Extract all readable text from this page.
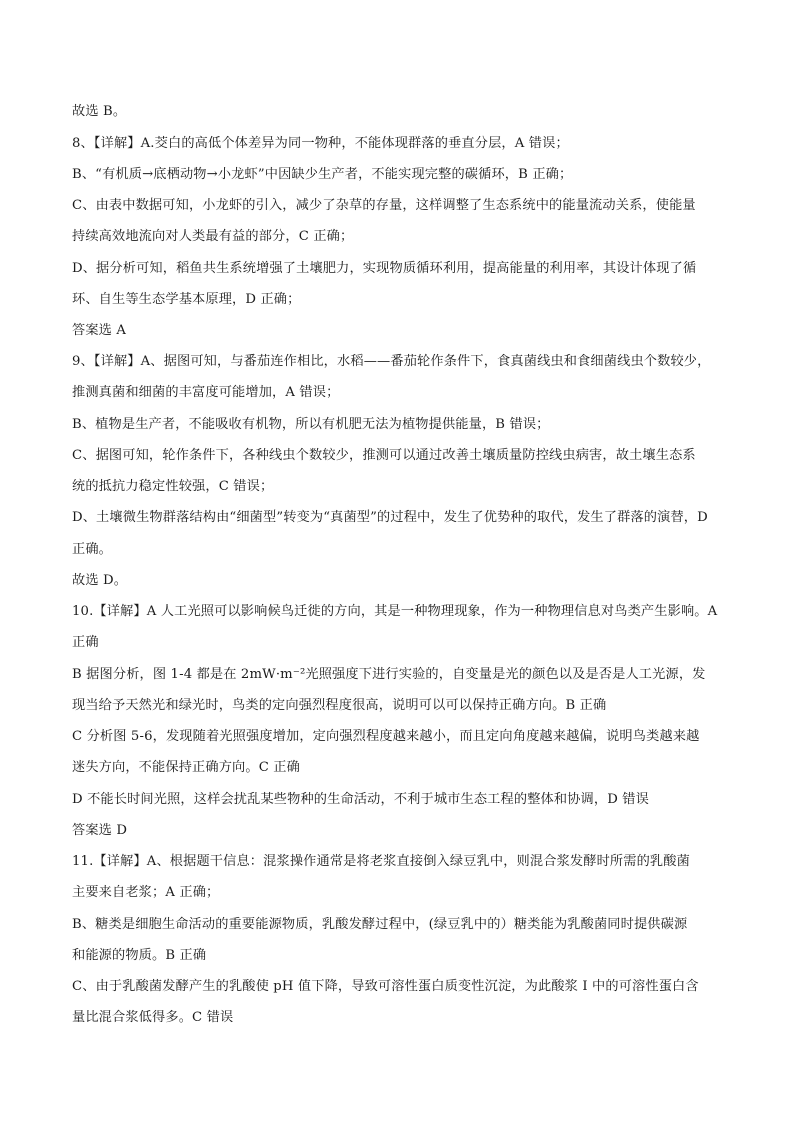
故选 B。
8、【详解】A.茭白的高低个体差异为同一物种，不能体现群落的垂直分层，A 错误；
B、“有机质→底栖动物→小龙虾”中因缺少生产者，不能实现完整的碳循环，B 正确；
C、由表中数据可知，小龙虾的引入，减少了杂草的存量，这样调整了生态系统中的能量流动关系，使能量
持续高效地流向对人类最有益的部分，C 正确；
D、据分析可知，稻鱼共生系统增强了土壤肥力，实现物质循环利用，提高能量的利用率，其设计体现了循
环、自生等生态学基本原理，D 正确；
答案选 A
9、【详解】A、据图可知，与番茄连作相比，水稻——番茄轮作条件下，食真菌线虫和食细菌线虫个数较少，
推测真菌和细菌的丰富度可能增加，A 错误；
B、植物是生产者，不能吸收有机物，所以有机肥无法为植物提供能量，B 错误；
C、据图可知，轮作条件下，各种线虫个数较少，推测可以通过改善土壤质量防控线虫病害，故土壤生态系
统的抵抗力稳定性较强，C 错误；
D、土壤微生物群落结构由“细菌型”转变为“真菌型”的过程中，发生了优势种的取代，发生了群落的演替，D
正确。
故选 D。
10.【详解】A 人工光照可以影响候鸟迁徙的方向，其是一种物理现象，作为一种物理信息对鸟类产生影响。A
正确
B 据图分析，图 1-4 都是在 2mW·m⁻²光照强度下进行实验的，自变量是光的颜色以及是否是人工光源，发
现当给予天然光和绿光时，鸟类的定向强烈程度很高，说明可以可以保持正确方向。B 正确
C 分析图 5-6，发现随着光照强度增加，定向强烈程度越来越小，而且定向角度越来越偏，说明鸟类越来越
迷失方向，不能保持正确方向。C 正确
D 不能长时间光照，这样会扰乱某些物种的生命活动，不利于城市生态工程的整体和协调，D 错误
答案选 D
11.【详解】A、根据题干信息：混浆操作通常是将老浆直接倒入绿豆乳中，则混合浆发酵时所需的乳酸菌
主要来自老浆；A 正确；
B、糖类是细胞生命活动的重要能源物质，乳酸发酵过程中，(绿豆乳中的）糖类能为乳酸菌同时提供碳源
和能源的物质。B 正确
C、由于乳酸菌发酵产生的乳酸使 pH 值下降，导致可溶性蛋白质变性沉淀，为此酸浆 I 中的可溶性蛋白含
量比混合浆低得多。C 错误
